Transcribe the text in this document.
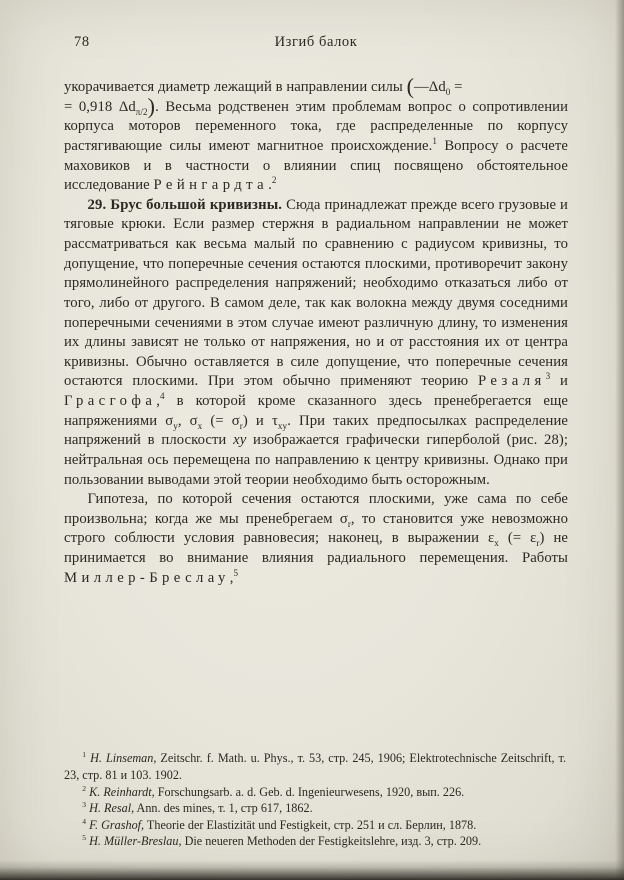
78	Изгиб балок

укорачивается диаметр лежащий в направлении силы ($—\Delta d_0$ =
= 0,918 $\Delta d_{\pi/2}$). Весьма родственен этим проблемам вопрос о сопротивлении корпуса моторов переменного тока, где распределенные по корпусу растягивающие силы имеют магнитное происхождение.$^1$ Вопросу о расчете маховиков и в частности о влиянии спиц посвящено обстоятельное исследование Рейнгардта.$^2$

29. Брус большой кривизны. Сюда принадлежат прежде всего грузовые и тяговые крюки. Если размер стержня в радиальном направлении не может рассматриваться как весьма малый по сравнению с радиусом кривизны, то допущение, что поперечные сечения остаются плоскими, противоречит закону прямолинейного распределения напряжений; необходимо отказаться либо от того, либо от другого. В самом деле, так как волокна между двумя соседними поперечными сечениями в этом случае имеют различную длину, то изменения их длины зависят не только от напряжения, но и от расстояния их от центра кривизны. Обычно оставляется в силе допущение, что поперечные сечения остаются плоскими. При этом обычно применяют теорию Резаля$^3$ и Грасгофа,$^4$ в которой кроме сказанного здесь пренебрегается еще напряжениями $\sigma_y$, $\sigma_x$ (= $\sigma_r$) и $\tau_{xy}$. При таких предпосылках распределение напряжений в плоскости xy изображается графически гиперболой (рис. 28); нейтральная ось перемещена по направлению к центру кривизны. Однако при пользовании выводами этой теории необходимо быть осторожным.

Гипотеза, по которой сечения остаются плоскими, уже сама по себе произвольна; когда же мы пренебрегаем $\sigma_r$, то становится уже невозможно строго соблюсти условия равновесия; наконец, в выражении $\varepsilon_x$ (= $\varepsilon_r$) не принимается во внимание влияния радиального перемещения. Работы Миллер-Бреслау,$^5$

$^1$ H. Linseman, Zeitschr. f. Math. u. Phys., т. 53, стр. 245, 1906; Elektrotechnische Zeitschrift, т. 23, стр. 81 и 103. 1902.

$^2$ K. Reinhardt, Forschungsarb. a. d. Geb. d. Ingenieurwesens, 1920, вып. 226.

$^3$ H. Resal, Ann. des mines, т. 1, стр 617, 1862.

$^4$ F. Grashof, Theorie der Elastizität und Festigkeit, стр. 251 и сл. Берлин, 1878.

$^5$ H. Müller-Breslau, Die neueren Methoden der Festigkeitslehre, изд. 3, стр. 209.
